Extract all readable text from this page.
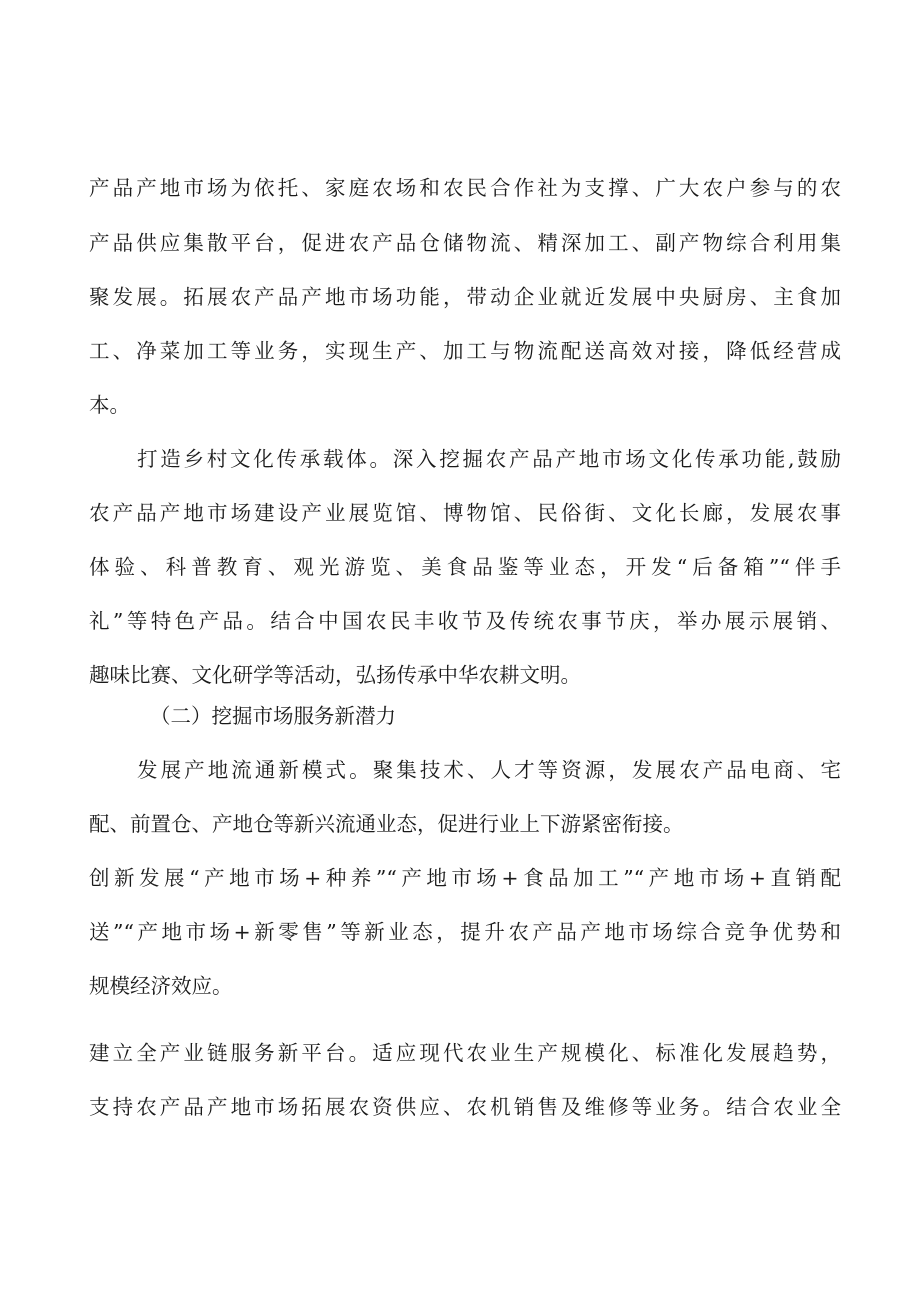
产品产地市场为依托、家庭农场和农民合作社为支撑、广大农户参与的农
产品供应集散平台，促进农产品仓储物流、精深加工、副产物综合利用集
聚发展。拓展农产品产地市场功能，带动企业就近发展中央厨房、主食加
工、净菜加工等业务，实现生产、加工与物流配送高效对接，降低经营成
本。
打造乡村文化传承载体。深入挖掘农产品产地市场文化传承功能,鼓励
农产品产地市场建设产业展览馆、博物馆、民俗街、文化长廊，发展农事
体验、科普教育、观光游览、美食品鉴等业态，开发“后备箱”“伴手
礼”等特色产品。结合中国农民丰收节及传统农事节庆，举办展示展销、
趣味比赛、文化研学等活动，弘扬传承中华农耕文明。
（二）挖掘市场服务新潜力
发展产地流通新模式。聚集技术、人才等资源，发展农产品电商、宅
配、前置仓、产地仓等新兴流通业态，促进行业上下游紧密衔接。
创新发展“产地市场+种养”“产地市场+食品加工”“产地市场+直销配
送”“产地市场+新零售”等新业态，提升农产品产地市场综合竞争优势和
规模经济效应。
建立全产业链服务新平台。适应现代农业生产规模化、标准化发展趋势，
支持农产品产地市场拓展农资供应、农机销售及维修等业务。结合农业全
